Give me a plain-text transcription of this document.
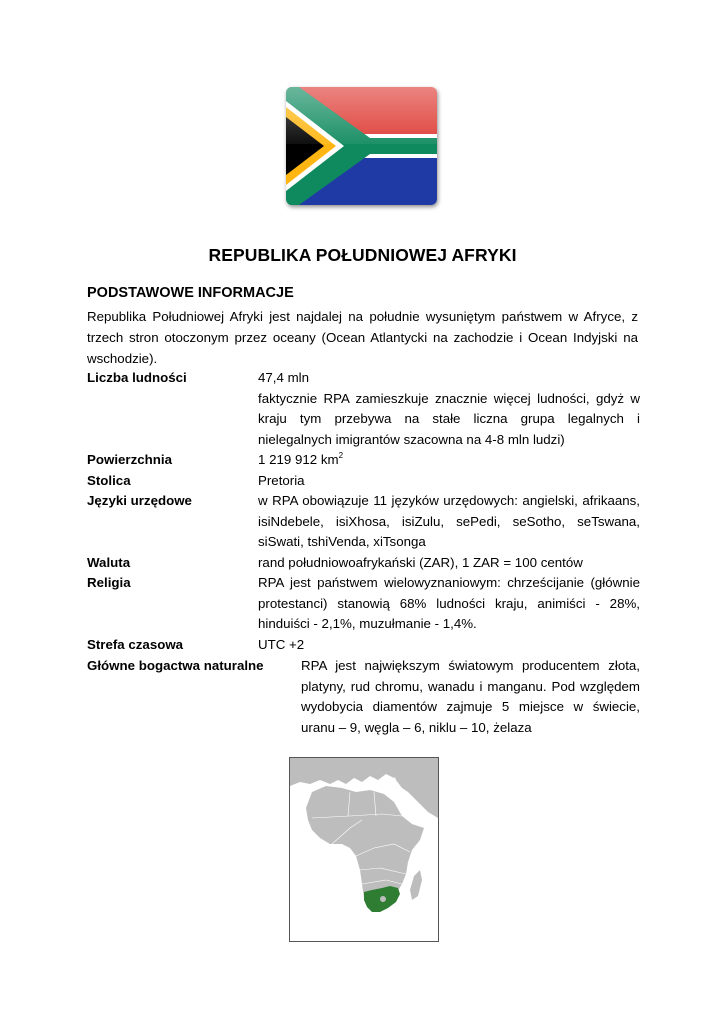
REPUBLIKA POŁUDNIOWEJ AFRYKI
PODSTAWOWE INFORMACJE

Republika Południowej Afryki jest najdalej na południe wysuniętym państwem w Afryce, z trzech stron otoczonym przez oceany (Ocean Atlantycki na zachodzie i Ocean Indyjski na wschodzie).

Liczba ludności	47,4 mln
faktycznie RPA zamieszkuje znacznie więcej ludności, gdyż w kraju tym przebywa na stałe liczna grupa legalnych i nielegalnych imigrantów szacowna na 4-8 mln ludzi)
Powierzchnia	1 219 912 $km^2$
Stolica	Pretoria
Języki urzędowe	w RPA obowiązuje 11 języków urzędowych: angielski, afrikaans, isiNdebele, isiXhosa, isiZulu, sePedi, seSotho, seTswana, siSwati, tshiVenda, xiTsonga
Waluta	rand południowoafrykański (ZAR), 1 ZAR = 100 centów
Religia	RPA jest państwem wielowyznaniowym: chrześcijanie (głównie protestanci) stanowią 68% ludności kraju, animiści - 28%, hinduiści - 2,1%, muzułmanie - 1,4%.
Strefa czasowa	UTC +2
Główne bogactwa naturalne	RPA jest największym światowym producentem złota, platyny, rud chromu, wanadu i manganu. Pod względem wydobycia diamentów zajmuje 5 miejsce w świecie, uranu – 9, węgla – 6, niklu – 10, żelaza
